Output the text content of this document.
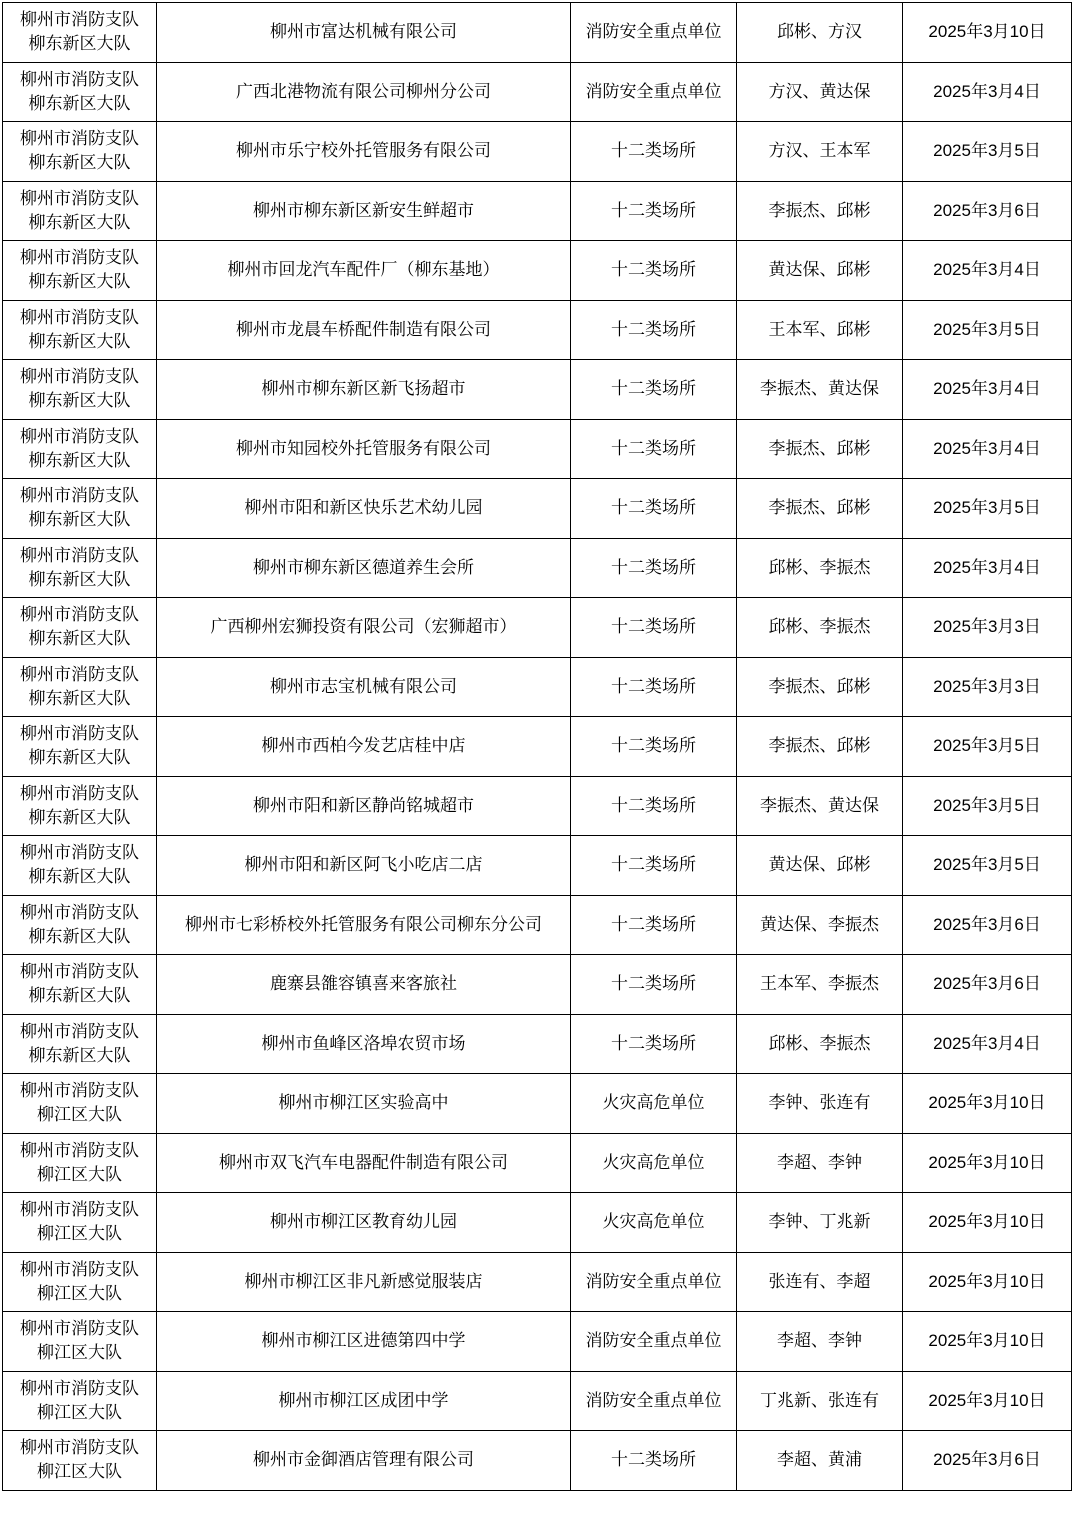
柳州市消防支队
柳东新区大队	柳州市富达机械有限公司	消防安全重点单位	邱彬、方汉	2025年3月10日

柳州市消防支队
柳东新区大队	广西北港物流有限公司柳州分公司	消防安全重点单位	方汉、黄达保	2025年3月4日

柳州市消防支队
柳东新区大队	柳州市乐宁校外托管服务有限公司	十二类场所	方汉、王本军	2025年3月5日

柳州市消防支队
柳东新区大队	柳州市柳东新区新安生鲜超市	十二类场所	李振杰、邱彬	2025年3月6日

柳州市消防支队
柳东新区大队	柳州市回龙汽车配件厂（柳东基地）	十二类场所	黄达保、邱彬	2025年3月4日

柳州市消防支队
柳东新区大队	柳州市龙晨车桥配件制造有限公司	十二类场所	王本军、邱彬	2025年3月5日

柳州市消防支队
柳东新区大队	柳州市柳东新区新飞扬超市	十二类场所	李振杰、黄达保	2025年3月4日

柳州市消防支队
柳东新区大队	柳州市知园校外托管服务有限公司	十二类场所	李振杰、邱彬	2025年3月4日

柳州市消防支队
柳东新区大队	柳州市阳和新区快乐艺术幼儿园	十二类场所	李振杰、邱彬	2025年3月5日

柳州市消防支队
柳东新区大队	柳州市柳东新区德道养生会所	十二类场所	邱彬、李振杰	2025年3月4日

柳州市消防支队
柳东新区大队	广西柳州宏狮投资有限公司（宏狮超市）	十二类场所	邱彬、李振杰	2025年3月3日

柳州市消防支队
柳东新区大队	柳州市志宝机械有限公司	十二类场所	李振杰、邱彬	2025年3月3日

柳州市消防支队
柳东新区大队	柳州市西柏今发艺店桂中店	十二类场所	李振杰、邱彬	2025年3月5日

柳州市消防支队
柳东新区大队	柳州市阳和新区静尚铭城超市	十二类场所	李振杰、黄达保	2025年3月5日

柳州市消防支队
柳东新区大队	柳州市阳和新区阿飞小吃店二店	十二类场所	黄达保、邱彬	2025年3月5日

柳州市消防支队
柳东新区大队	柳州市七彩桥校外托管服务有限公司柳东分公司	十二类场所	黄达保、李振杰	2025年3月6日

柳州市消防支队
柳东新区大队	鹿寨县雒容镇喜来客旅社	十二类场所	王本军、李振杰	2025年3月6日

柳州市消防支队
柳东新区大队	柳州市鱼峰区洛埠农贸市场	十二类场所	邱彬、李振杰	2025年3月4日

柳州市消防支队
柳江区大队	柳州市柳江区实验高中	火灾高危单位	李钟、张连有	2025年3月10日

柳州市消防支队
柳江区大队	柳州市双飞汽车电器配件制造有限公司	火灾高危单位	李超、李钟	2025年3月10日

柳州市消防支队
柳江区大队	柳州市柳江区教育幼儿园	火灾高危单位	李钟、丁兆新	2025年3月10日

柳州市消防支队
柳江区大队	柳州市柳江区非凡新感觉服装店	消防安全重点单位	张连有、李超	2025年3月10日

柳州市消防支队
柳江区大队	柳州市柳江区进德第四中学	消防安全重点单位	李超、李钟	2025年3月10日

柳州市消防支队
柳江区大队	柳州市柳江区成团中学	消防安全重点单位	丁兆新、张连有	2025年3月10日

柳州市消防支队
柳江区大队	柳州市金御酒店管理有限公司	十二类场所	李超、黄浦	2025年3月6日
